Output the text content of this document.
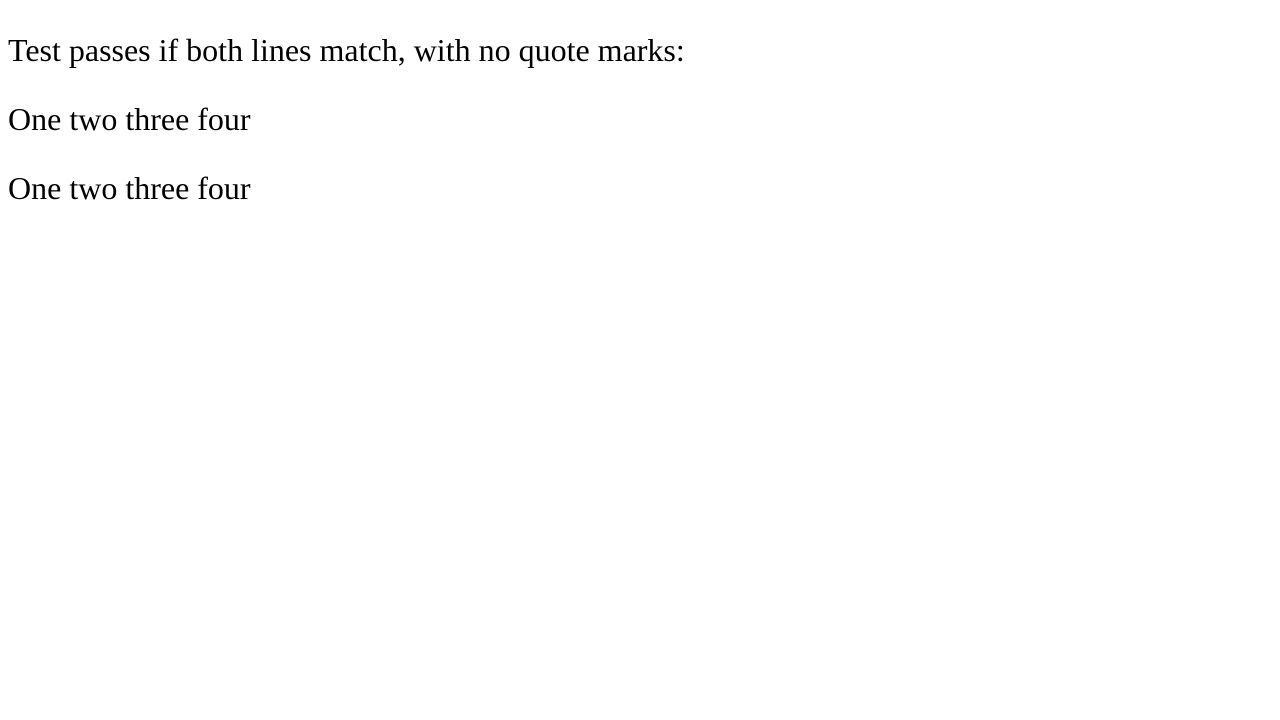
Test passes if both lines match, with no quote marks:

One two three four

One two three four
